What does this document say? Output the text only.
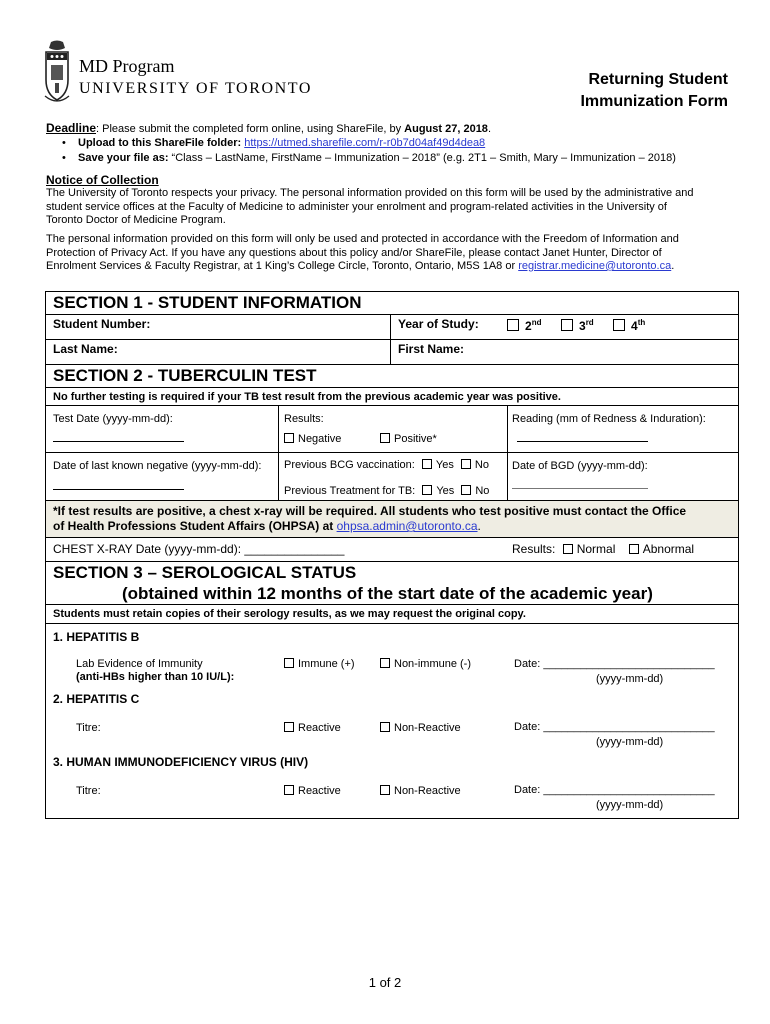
MD Program
UNIVERSITY OF TORONTO
Returning Student
Immunization Form
Deadline: Please submit the completed form online, using ShareFile, by August 27, 2018.
• Upload to this ShareFile folder: https://utmed.sharefile.com/r-r0b7d04af49d4dea8
• Save your file as: “Class – LastName, FirstName – Immunization – 2018” (e.g. 2T1 – Smith, Mary – Immunization – 2018)
Notice of Collection
The University of Toronto respects your privacy. The personal information provided on this form will be used by the administrative and
student service offices at the Faculty of Medicine to administer your enrolment and program-related activities in the University of
Toronto Doctor of Medicine Program.
The personal information provided on this form will only be used and protected in accordance with the Freedom of Information and
Protection of Privacy Act. If you have any questions about this policy and/or ShareFile, please contact Janet Hunter, Director of
Enrolment Services & Faculty Registrar, at 1 King’s College Circle, Toronto, Ontario, M5S 1A8 or registrar.medicine@utoronto.ca.
SECTION 1 - STUDENT INFORMATION
Student Number:	Year of Study:	2nd	3rd	4th
Last Name:	First Name:
SECTION 2 - TUBERCULIN TEST
No further testing is required if your TB test result from the previous academic year was positive.
Test Date (yyyy-mm-dd):	Results:
Negative	Positive*
Reading (mm of Redness & Induration):
Date of last known negative (yyyy-mm-dd): Previous BCG vaccination: Yes No
Previous Treatment for TB: Yes No
Date of BGD (yyyy-mm-dd):
*If test results are positive, a chest x-ray will be required. All students who test positive must contact the Office
of Health Professions Student Affairs (OHPSA) at ohpsa.admin@utoronto.ca.
CHEST X-RAY Date (yyyy-mm-dd): _______________	Results: Normal Abnormal
SECTION 3 – SEROLOGICAL STATUS
(obtained within 12 months of the start date of the academic year)
Students must retain copies of their serology results, as we may request the original copy.
1. HEPATITIS B
Lab Evidence of Immunity
(anti-HBs higher than 10 IU/L):
Immune (+)	Non-immune (-)	Date: ____________________________
(yyyy-mm-dd)
2. HEPATITIS C
Titre:	Reactive	Non-Reactive	Date: ____________________________
(yyyy-mm-dd)
3. HUMAN IMMUNODEFICIENCY VIRUS (HIV)
Titre:	Reactive	Non-Reactive	Date: ____________________________
(yyyy-mm-dd)
1 of 2
